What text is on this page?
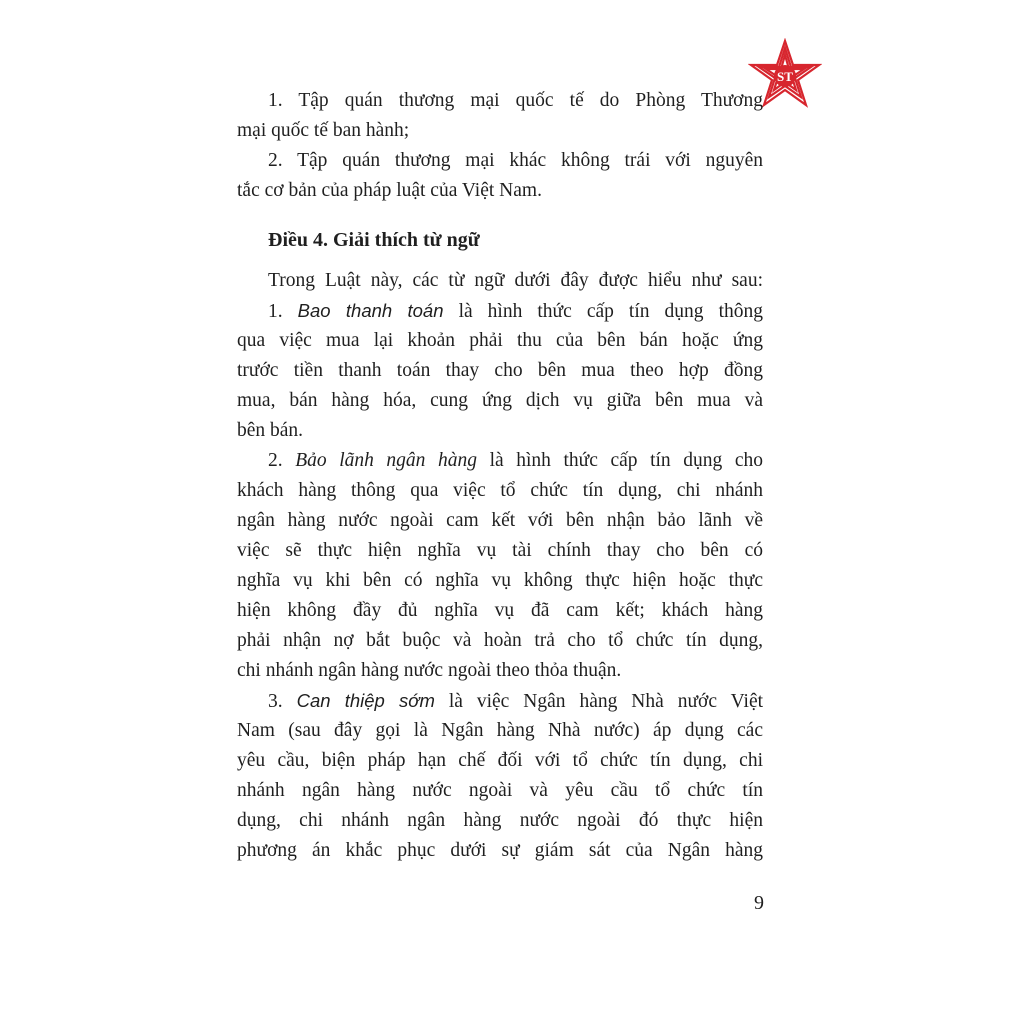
ST
1. Tập quán thương mại quốc tế do Phòng Thương
mại quốc tế ban hành;
2. Tập quán thương mại khác không trái với nguyên
tắc cơ bản của pháp luật của Việt Nam.
Điều 4. Giải thích từ ngữ
Trong Luật này, các từ ngữ dưới đây được hiểu như sau:
1. Bao thanh toán là hình thức cấp tín dụng thông
qua việc mua lại khoản phải thu của bên bán hoặc ứng
trước tiền thanh toán thay cho bên mua theo hợp đồng
mua, bán hàng hóa, cung ứng dịch vụ giữa bên mua và
bên bán.
2. Bảo lãnh ngân hàng là hình thức cấp tín dụng cho
khách hàng thông qua việc tổ chức tín dụng, chi nhánh
ngân hàng nước ngoài cam kết với bên nhận bảo lãnh về
việc sẽ thực hiện nghĩa vụ tài chính thay cho bên có
nghĩa vụ khi bên có nghĩa vụ không thực hiện hoặc thực
hiện không đầy đủ nghĩa vụ đã cam kết; khách hàng
phải nhận nợ bắt buộc và hoàn trả cho tổ chức tín dụng,
chi nhánh ngân hàng nước ngoài theo thỏa thuận.
3. Can thiệp sớm là việc Ngân hàng Nhà nước Việt
Nam (sau đây gọi là Ngân hàng Nhà nước) áp dụng các
yêu cầu, biện pháp hạn chế đối với tổ chức tín dụng, chi
nhánh ngân hàng nước ngoài và yêu cầu tổ chức tín
dụng, chi nhánh ngân hàng nước ngoài đó thực hiện
phương án khắc phục dưới sự giám sát của Ngân hàng
9
